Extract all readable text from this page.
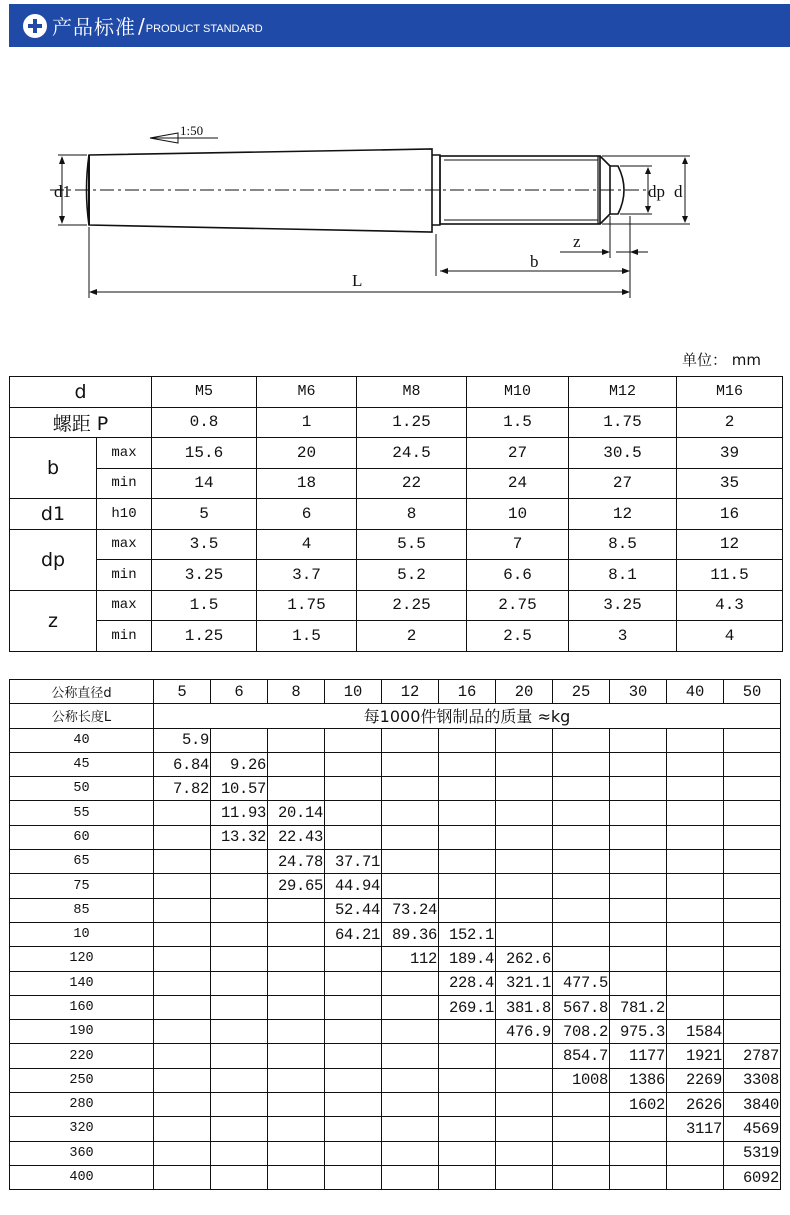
产品标准 / PRODUCT STANDARD
1:50
d1	dp d
z
b
L
单位： mm
d		M5	M6	M8	M10	M12	M16
螺距 P		0.8	1	1.25	1.5	1.75	2
b	max	15.6	20	24.5	27	30.5	39
	min	14	18	22	24	27	35
d1	h10	5	6	8	10	12	16
dp	max	3.5	4	5.5	7	8.5	12
	min	3.25	3.7	5.2	6.6	8.1	11.5
z	max	1.5	1.75	2.25	2.75	3.25	4.3
	min	1.25	1.5	2	2.5	3	4
公称直径d	5	6	8	10	12	16	20	25	30	40	50
公称长度L	每1000件钢制品的质量 ≈kg										
40	5.9										
45	6.84	9.26									
50	7.82	10.57									
55		11.93	20.14								
60		13.32	22.43								
65			24.78	37.71							
75			29.65	44.94							
85				52.44	73.24						
10				64.21	89.36	152.1					
120					112	189.4	262.6				
140						228.4	321.1	477.5			
160						269.1	381.8	567.8	781.2		
190							476.9	708.2	975.3	1584	
220								854.7	1177	1921	2787
250								1008	1386	2269	3308
280									1602	2626	3840
320										3117	4569
360											5319
400											6092
